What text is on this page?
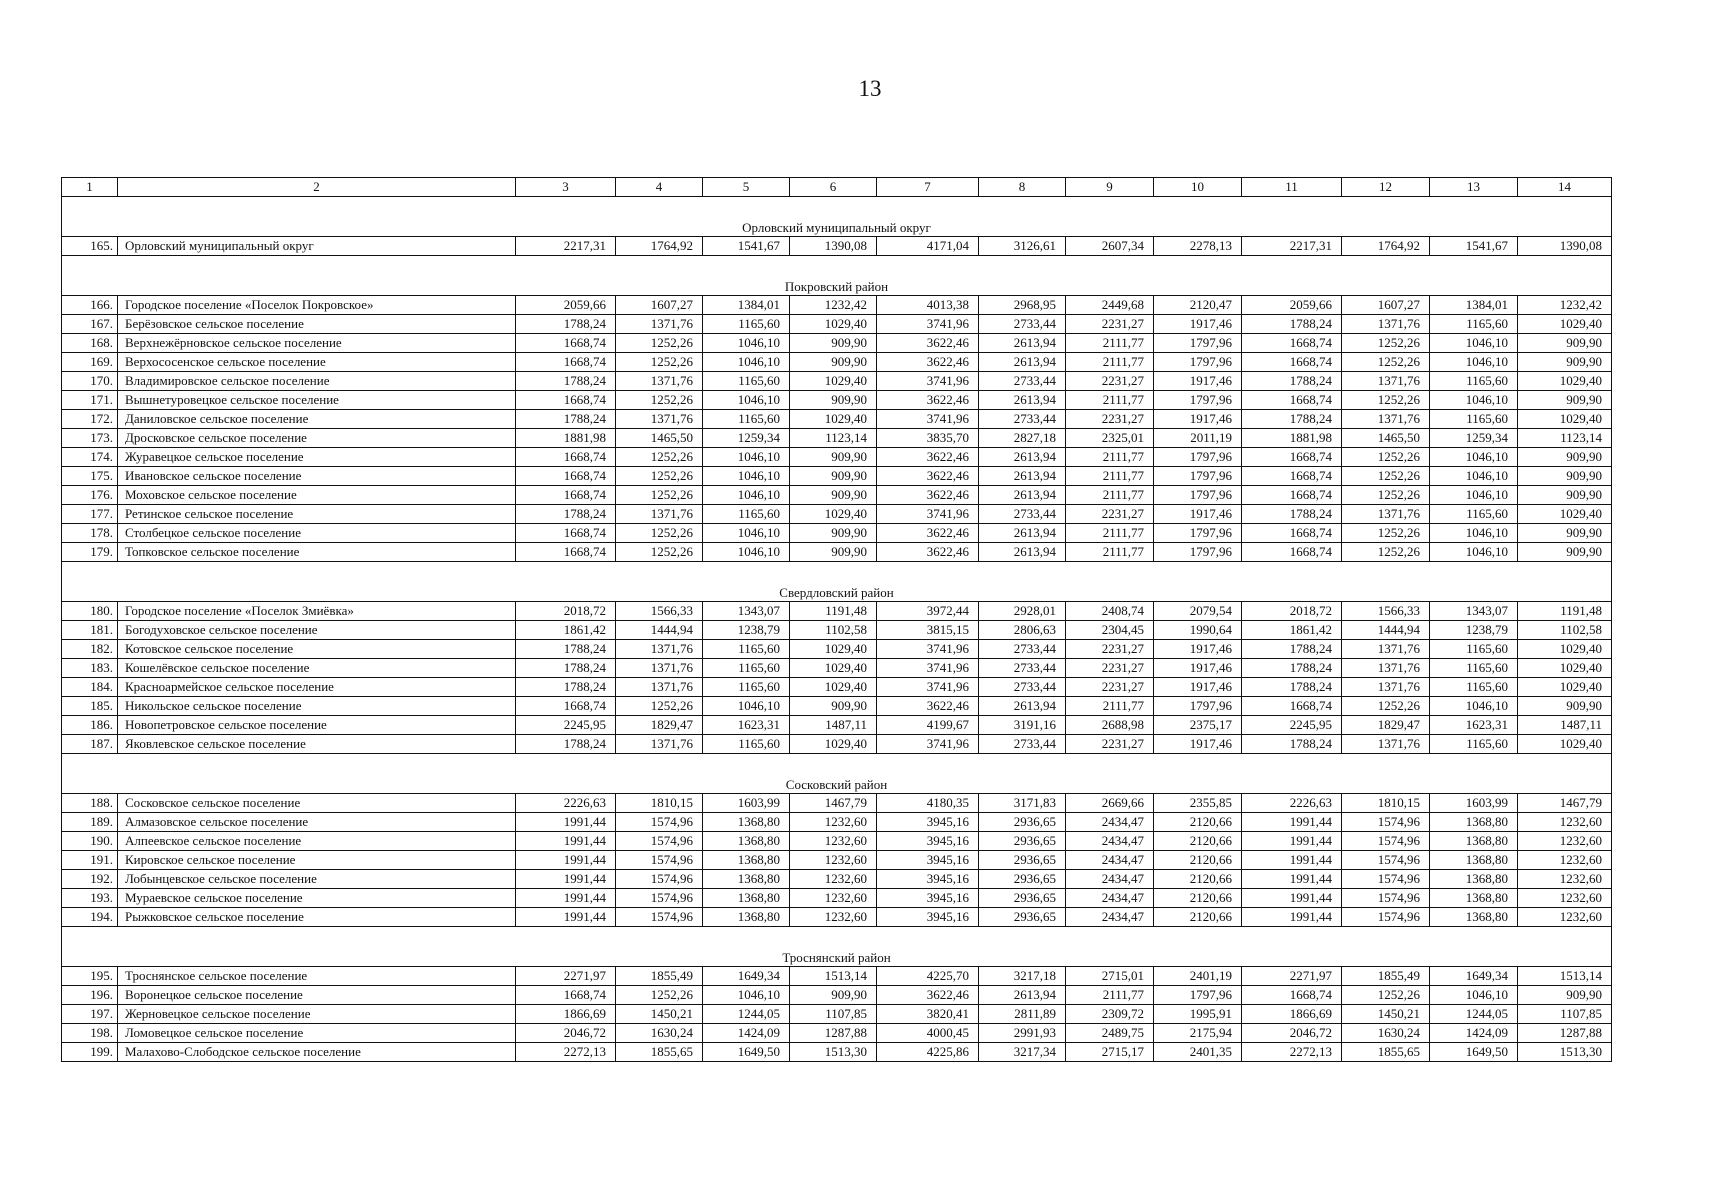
13
1	2	3	4	5	6	7	8	9	10	11	12	13	14
Орловский муниципальный округ													
165.	Орловский муниципальный округ	2217,31	1764,92	1541,67	1390,08	4171,04	3126,61	2607,34	2278,13	2217,31	1764,92	1541,67	1390,08
Покровский район													
166.	Городское поселение «Поселок Покровское»	2059,66	1607,27	1384,01	1232,42	4013,38	2968,95	2449,68	2120,47	2059,66	1607,27	1384,01	1232,42
167.	Берёзовское сельское поселение	1788,24	1371,76	1165,60	1029,40	3741,96	2733,44	2231,27	1917,46	1788,24	1371,76	1165,60	1029,40
168.	Верхнежёрновское сельское поселение	1668,74	1252,26	1046,10	909,90	3622,46	2613,94	2111,77	1797,96	1668,74	1252,26	1046,10	909,90
169.	Верхососенское сельское поселение	1668,74	1252,26	1046,10	909,90	3622,46	2613,94	2111,77	1797,96	1668,74	1252,26	1046,10	909,90
170.	Владимировское сельское поселение	1788,24	1371,76	1165,60	1029,40	3741,96	2733,44	2231,27	1917,46	1788,24	1371,76	1165,60	1029,40
171.	Вышнетуровецкое сельское поселение	1668,74	1252,26	1046,10	909,90	3622,46	2613,94	2111,77	1797,96	1668,74	1252,26	1046,10	909,90
172.	Даниловское сельское поселение	1788,24	1371,76	1165,60	1029,40	3741,96	2733,44	2231,27	1917,46	1788,24	1371,76	1165,60	1029,40
173.	Дросковское сельское поселение	1881,98	1465,50	1259,34	1123,14	3835,70	2827,18	2325,01	2011,19	1881,98	1465,50	1259,34	1123,14
174.	Журавецкое сельское поселение	1668,74	1252,26	1046,10	909,90	3622,46	2613,94	2111,77	1797,96	1668,74	1252,26	1046,10	909,90
175.	Ивановское сельское поселение	1668,74	1252,26	1046,10	909,90	3622,46	2613,94	2111,77	1797,96	1668,74	1252,26	1046,10	909,90
176.	Моховское сельское поселение	1668,74	1252,26	1046,10	909,90	3622,46	2613,94	2111,77	1797,96	1668,74	1252,26	1046,10	909,90
177.	Ретинское сельское поселение	1788,24	1371,76	1165,60	1029,40	3741,96	2733,44	2231,27	1917,46	1788,24	1371,76	1165,60	1029,40
178.	Столбецкое сельское поселение	1668,74	1252,26	1046,10	909,90	3622,46	2613,94	2111,77	1797,96	1668,74	1252,26	1046,10	909,90
179.	Топковское сельское поселение	1668,74	1252,26	1046,10	909,90	3622,46	2613,94	2111,77	1797,96	1668,74	1252,26	1046,10	909,90
Свердловский район													
180.	Городское поселение «Поселок Змиёвка»	2018,72	1566,33	1343,07	1191,48	3972,44	2928,01	2408,74	2079,54	2018,72	1566,33	1343,07	1191,48
181.	Богодуховское сельское поселение	1861,42	1444,94	1238,79	1102,58	3815,15	2806,63	2304,45	1990,64	1861,42	1444,94	1238,79	1102,58
182.	Котовское сельское поселение	1788,24	1371,76	1165,60	1029,40	3741,96	2733,44	2231,27	1917,46	1788,24	1371,76	1165,60	1029,40
183.	Кошелёвское сельское поселение	1788,24	1371,76	1165,60	1029,40	3741,96	2733,44	2231,27	1917,46	1788,24	1371,76	1165,60	1029,40
184.	Красноармейское сельское поселение	1788,24	1371,76	1165,60	1029,40	3741,96	2733,44	2231,27	1917,46	1788,24	1371,76	1165,60	1029,40
185.	Никольское сельское поселение	1668,74	1252,26	1046,10	909,90	3622,46	2613,94	2111,77	1797,96	1668,74	1252,26	1046,10	909,90
186.	Новопетровское сельское поселение	2245,95	1829,47	1623,31	1487,11	4199,67	3191,16	2688,98	2375,17	2245,95	1829,47	1623,31	1487,11
187.	Яковлевское сельское поселение	1788,24	1371,76	1165,60	1029,40	3741,96	2733,44	2231,27	1917,46	1788,24	1371,76	1165,60	1029,40
Сосковский район													
188.	Сосковское сельское поселение	2226,63	1810,15	1603,99	1467,79	4180,35	3171,83	2669,66	2355,85	2226,63	1810,15	1603,99	1467,79
189.	Алмазовское сельское поселение	1991,44	1574,96	1368,80	1232,60	3945,16	2936,65	2434,47	2120,66	1991,44	1574,96	1368,80	1232,60
190.	Алпеевское сельское поселение	1991,44	1574,96	1368,80	1232,60	3945,16	2936,65	2434,47	2120,66	1991,44	1574,96	1368,80	1232,60
191.	Кировское сельское поселение	1991,44	1574,96	1368,80	1232,60	3945,16	2936,65	2434,47	2120,66	1991,44	1574,96	1368,80	1232,60
192.	Лобынцевское сельское поселение	1991,44	1574,96	1368,80	1232,60	3945,16	2936,65	2434,47	2120,66	1991,44	1574,96	1368,80	1232,60
193.	Мураевское сельское поселение	1991,44	1574,96	1368,80	1232,60	3945,16	2936,65	2434,47	2120,66	1991,44	1574,96	1368,80	1232,60
194.	Рыжковское сельское поселение	1991,44	1574,96	1368,80	1232,60	3945,16	2936,65	2434,47	2120,66	1991,44	1574,96	1368,80	1232,60
Троснянский район													
195.	Троснянское сельское поселение	2271,97	1855,49	1649,34	1513,14	4225,70	3217,18	2715,01	2401,19	2271,97	1855,49	1649,34	1513,14
196.	Воронецкое сельское поселение	1668,74	1252,26	1046,10	909,90	3622,46	2613,94	2111,77	1797,96	1668,74	1252,26	1046,10	909,90
197.	Жерновецкое сельское поселение	1866,69	1450,21	1244,05	1107,85	3820,41	2811,89	2309,72	1995,91	1866,69	1450,21	1244,05	1107,85
198.	Ломовецкое сельское поселение	2046,72	1630,24	1424,09	1287,88	4000,45	2991,93	2489,75	2175,94	2046,72	1630,24	1424,09	1287,88
199.	Малахово-Слободское сельское поселение	2272,13	1855,65	1649,50	1513,30	4225,86	3217,34	2715,17	2401,35	2272,13	1855,65	1649,50	1513,30
